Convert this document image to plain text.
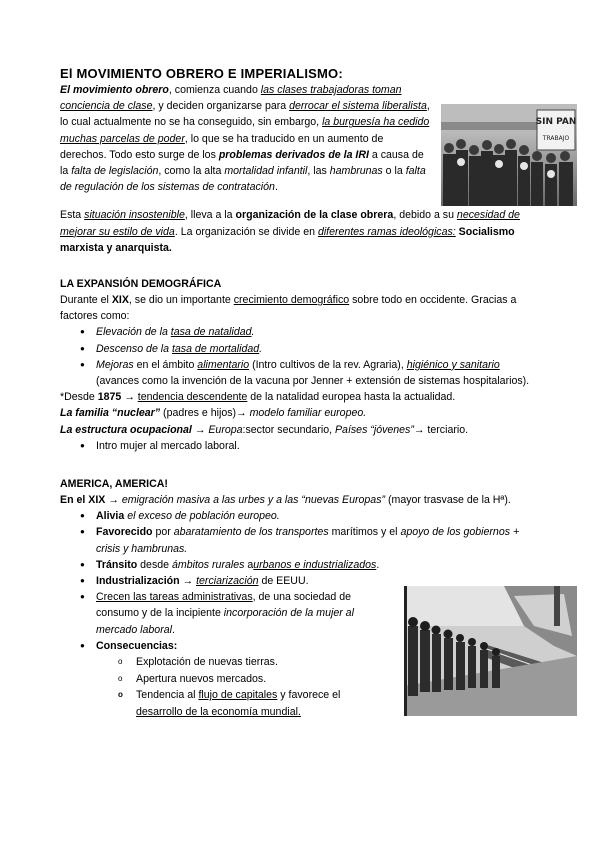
El MOVIMIENTO OBRERO E IMPERIALISMO:

El movimiento obrero, comienza cuando las clases trabajadoras toman conciencia de clase, y deciden organizarse para derrocar el sistema liberalista, lo cual actualmente no se ha conseguido, sin embargo, la burguesía ha cedido muchas parcelas de poder, lo que se ha traducido en un aumento de derechos. Todo esto surge de los problemas derivados de la IRI a causa de la falta de legislación, como la alta mortalidad infantil, las hambrunas o la falta de regulación de los sistemas de contratación.

Esta situación insostenible, lleva a la organización de la clase obrera, debido a su necesidad de mejorar su estilo de vida. La organización se divide en diferentes ramas ideológicas: Socialismo marxista y anarquista.

LA EXPANSIÓN DEMOGRÁFICA

Durante el XIX, se dio un importante crecimiento demográfico sobre todo en occidente. Gracias a factores como:

● Elevación de la tasa de natalidad.
● Descenso de la tasa de mortalidad.
● Mejoras en el ámbito alimentario (Intro cultivos de la rev. Agraria), higiénico y sanitario (avances como la invención de la vacuna por Jenner + extensión de sistemas hospitalarios).

*Desde 1875 → tendencia descendente de la natalidad europea hasta la actualidad.

La familia “nuclear” (padres e hijos)→ modelo familiar europeo.

La estructura ocupacional → Europa:sector secundario, Países “jóvenes”→ terciario.

● Intro mujer al mercado laboral.
AMERICA, AMERICA!

En el XIX → emigración masiva a las urbes y a las “nuevas Europas” (mayor trasvase de la Hª).

● Alivia el exceso de población europeo.
● Favorecido por abaratamiento de los transportes marítimos y el apoyo de los gobiernos + crisis y hambrunas.
● Tránsito desde ámbitos rurales aurbanos e industrializados.
● Industrialización → terciarización de EEUU.
● Crecen las tareas administrativas, de una sociedad de consumo y de la incipiente incorporación de la mujer al mercado laboral.
● Consecuencias:
o Explotación de nuevas tierras.
o Apertura nuevos mercados.
o Tendencia al flujo de capitales y favorece el desarrollo de la economía mundial.
SIN PAN
TRABAJO
